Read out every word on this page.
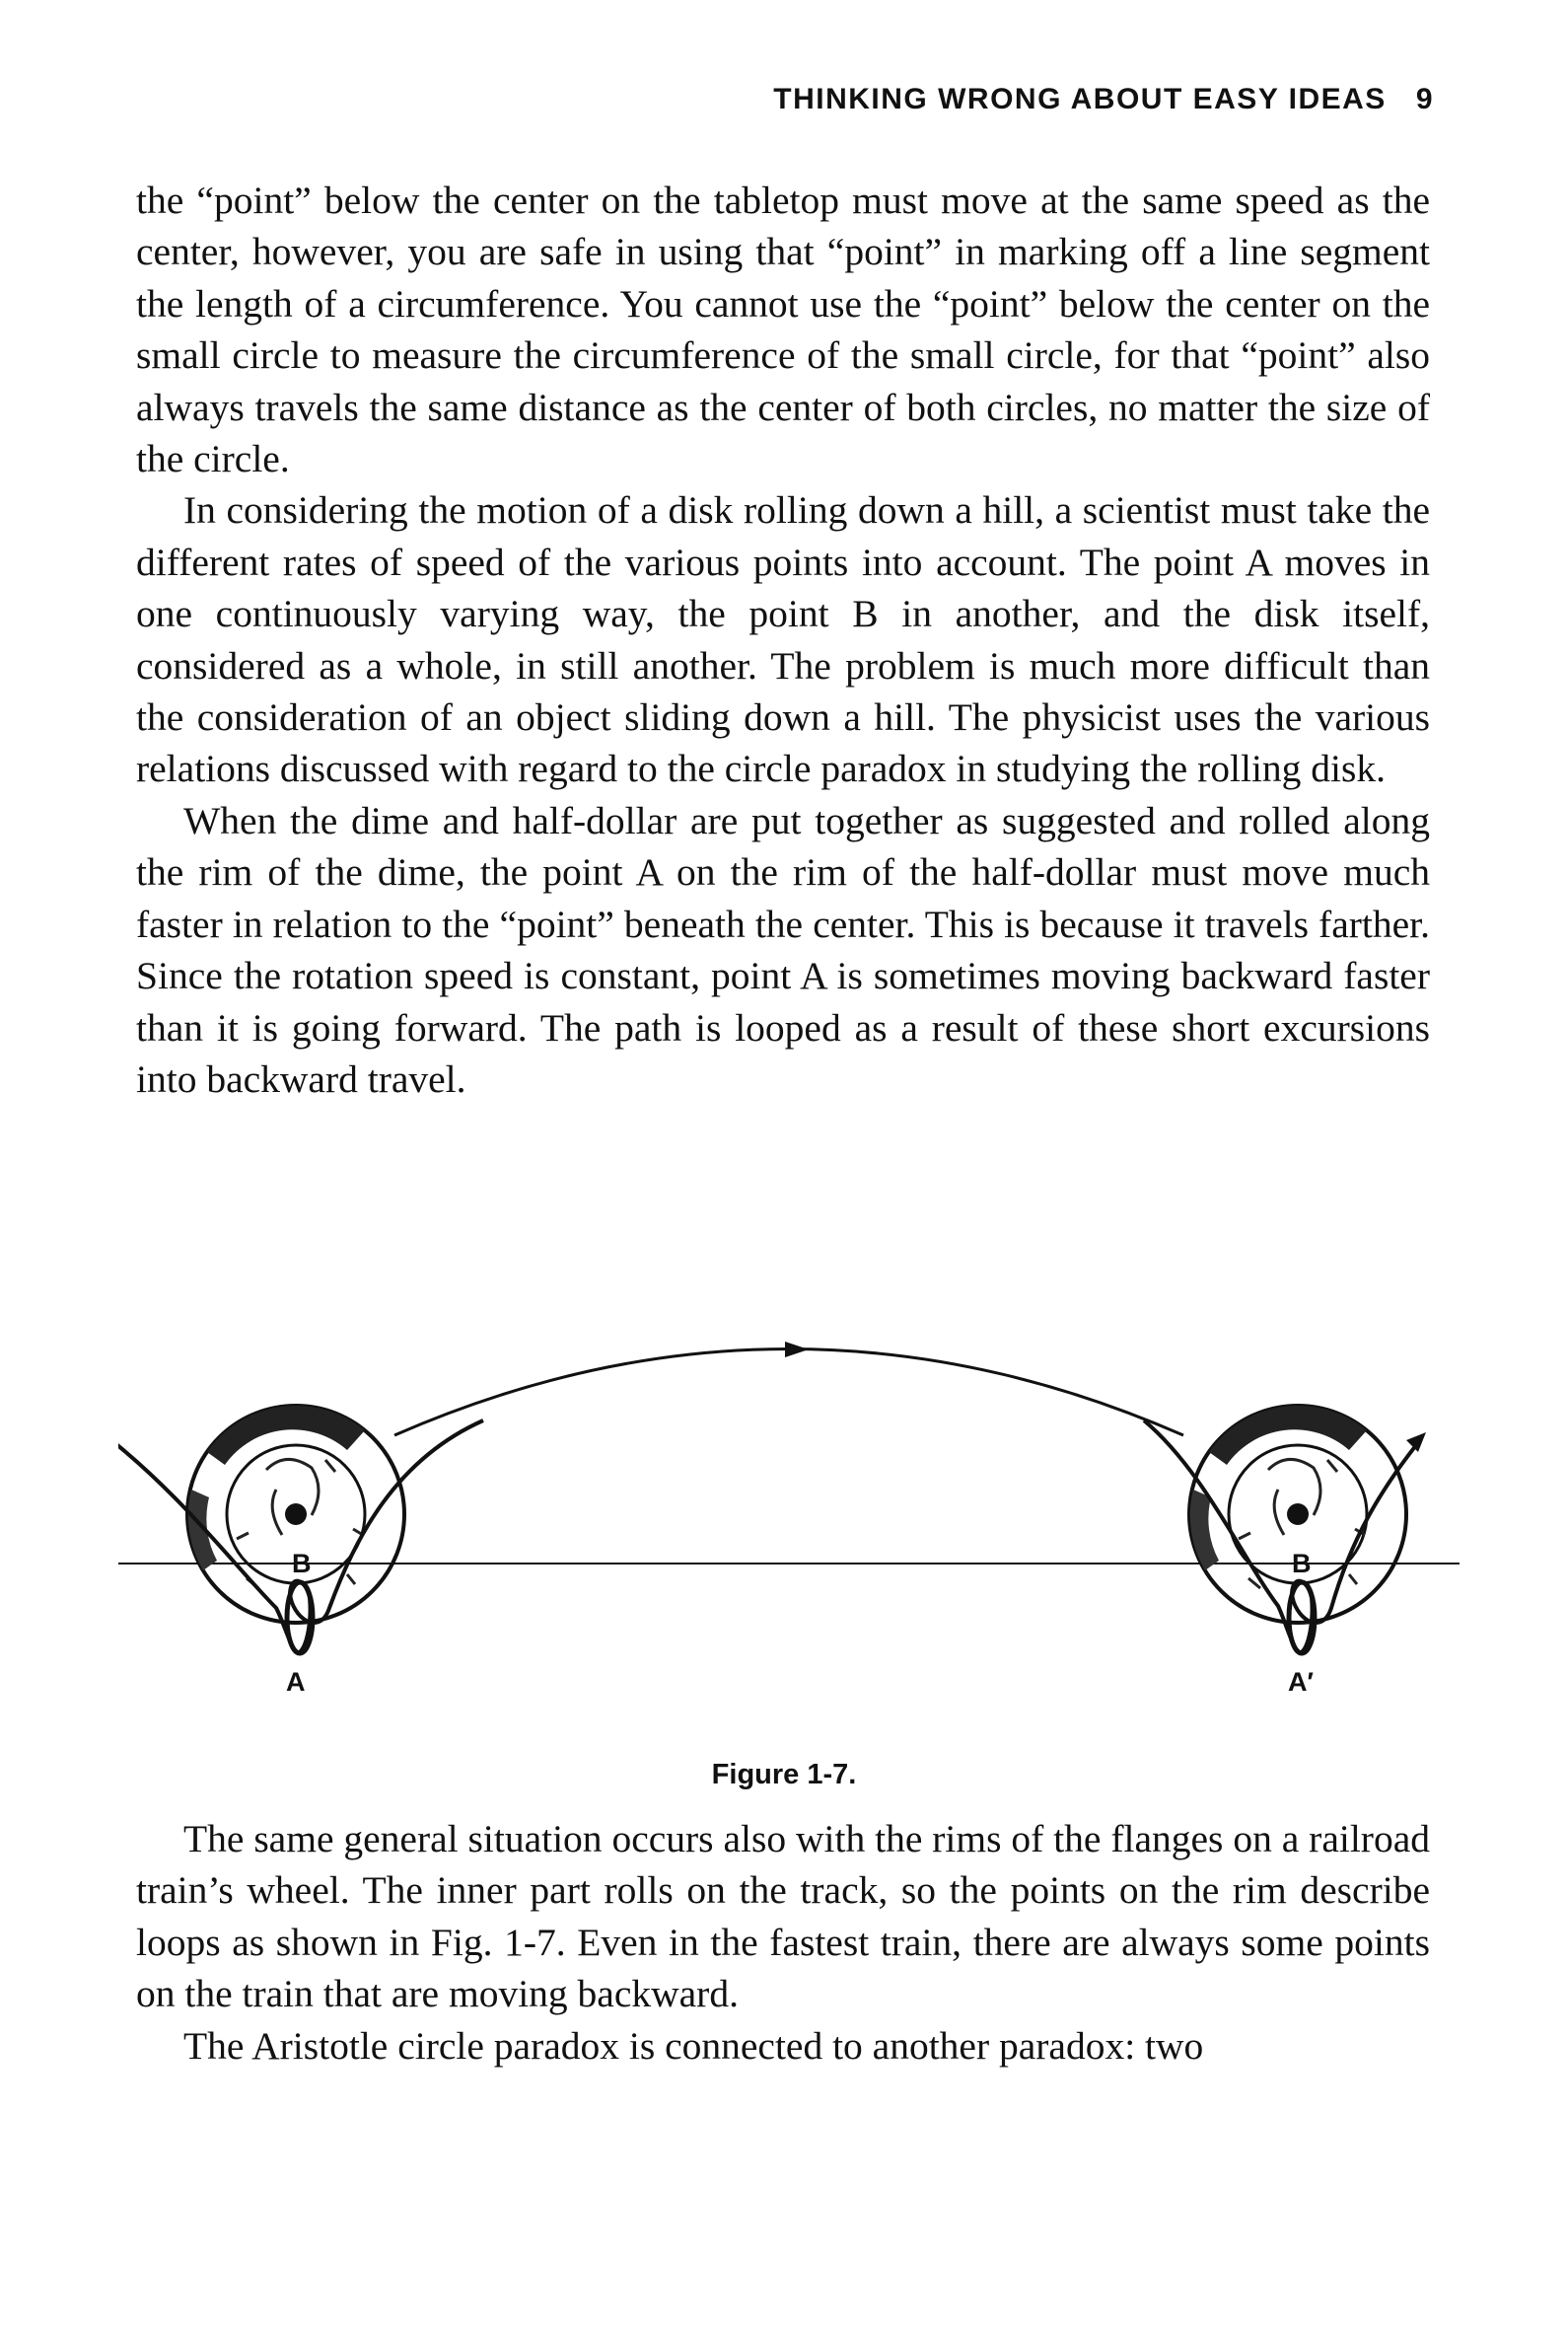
THINKING WRONG ABOUT EASY IDEAS 9

the “point” below the center on the tabletop must move at the same speed as the center, however, you are safe in using that “point” in marking off a line segment the length of a circumference. You cannot use the “point” below the center on the small circle to measure the circumference of the small circle, for that “point” also always travels the same distance as the center of both circles, no matter the size of the circle.

In considering the motion of a disk rolling down a hill, a scientist must take the different rates of speed of the various points into account. The point A moves in one continuously varying way, the point B in another, and the disk itself, considered as a whole, in still another. The problem is much more difficult than the consideration of an object sliding down a hill. The physicist uses the various relations discussed with regard to the circle paradox in studying the rolling disk.

When the dime and half-dollar are put together as suggested and rolled along the rim of the dime, the point A on the rim of the half-dollar must move much faster in relation to the “point” beneath the center. This is because it travels farther. Since the rotation speed is constant, point A is sometimes moving backward faster than it is going forward. The path is looped as a result of these short excursions into backward travel.

B	B
A	A′
Figure 1-7.

The same general situation occurs also with the rims of the flanges on a railroad train’s wheel. The inner part rolls on the track, so the points on the rim describe loops as shown in Fig. 1-7. Even in the fastest train, there are always some points on the train that are moving backward.

The Aristotle circle paradox is connected to another paradox: two
